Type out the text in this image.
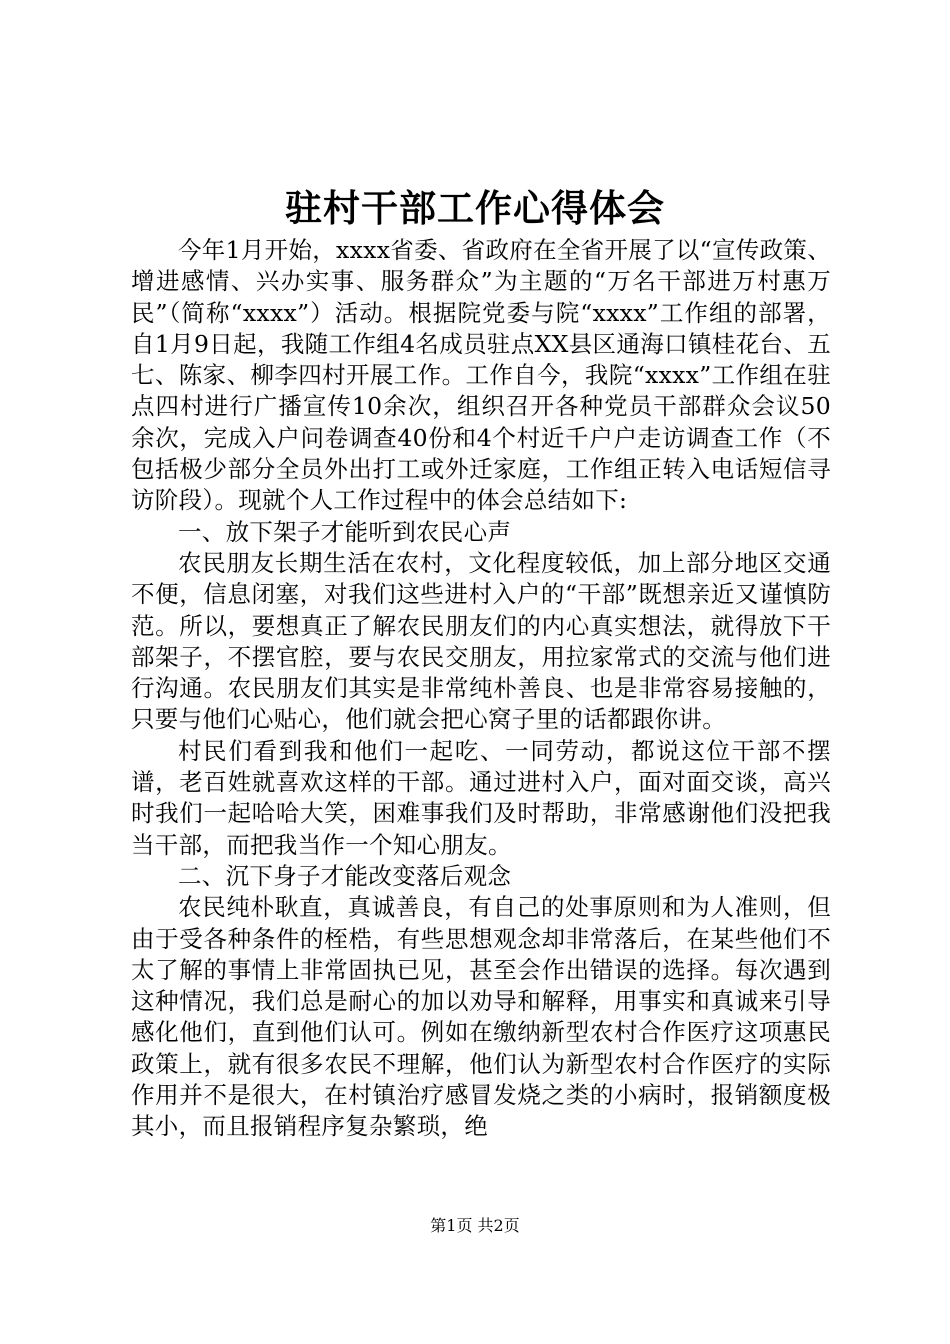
驻村干部工作心得体会

今年1月开始，xxxx省委、省政府在全省开展了以“宣传政策、增进感情、兴办实事、服务群众”为主题的“万名干部进万村惠万民”（简称“xxxx”）活动。根据院党委与院“xxxx”工作组的部署，自1月9日起，我随工作组4名成员驻点XX县区通海口镇桂花台、五七、陈家、柳李四村开展工作。工作自今，我院“xxxx”工作组在驻点四村进行广播宣传10余次，组织召开各种党员干部群众会议50余次，完成入户问卷调查40份和4个村近千户户走访调查工作（不包括极少部分全员外出打工或外迁家庭，工作组正转入电话短信寻访阶段）。现就个人工作过程中的体会总结如下:

一、放下架子才能听到农民心声

农民朋友长期生活在农村，文化程度较低，加上部分地区交通不便，信息闭塞，对我们这些进村入户的“干部”既想亲近又谨慎防范。所以，要想真正了解农民朋友们的内心真实想法，就得放下干部架子，不摆官腔，要与农民交朋友，用拉家常式的交流与他们进行沟通。农民朋友们其实是非常纯朴善良、也是非常容易接触的，只要与他们心贴心，他们就会把心窝子里的话都跟你讲。

村民们看到我和他们一起吃、一同劳动，都说这位干部不摆谱，老百姓就喜欢这样的干部。通过进村入户，面对面交谈，高兴时我们一起哈哈大笑，困难事我们及时帮助，非常感谢他们没把我当干部，而把我当作一个知心朋友。

二、沉下身子才能改变落后观念

农民纯朴耿直，真诚善良，有自己的处事原则和为人准则，但由于受各种条件的桎梏，有些思想观念却非常落后，在某些他们不太了解的事情上非常固执已见，甚至会作出错误的选择。每次遇到这种情况，我们总是耐心的加以劝导和解释，用事实和真诚来引导感化他们，直到他们认可。例如在缴纳新型农村合作医疗这项惠民政策上，就有很多农民不理解，他们认为新型农村合作医疗的实际作用并不是很大，在村镇治疗感冒发烧之类的小病时，报销额度极其小，而且报销程序复杂繁琐，绝

第1页 共2页
